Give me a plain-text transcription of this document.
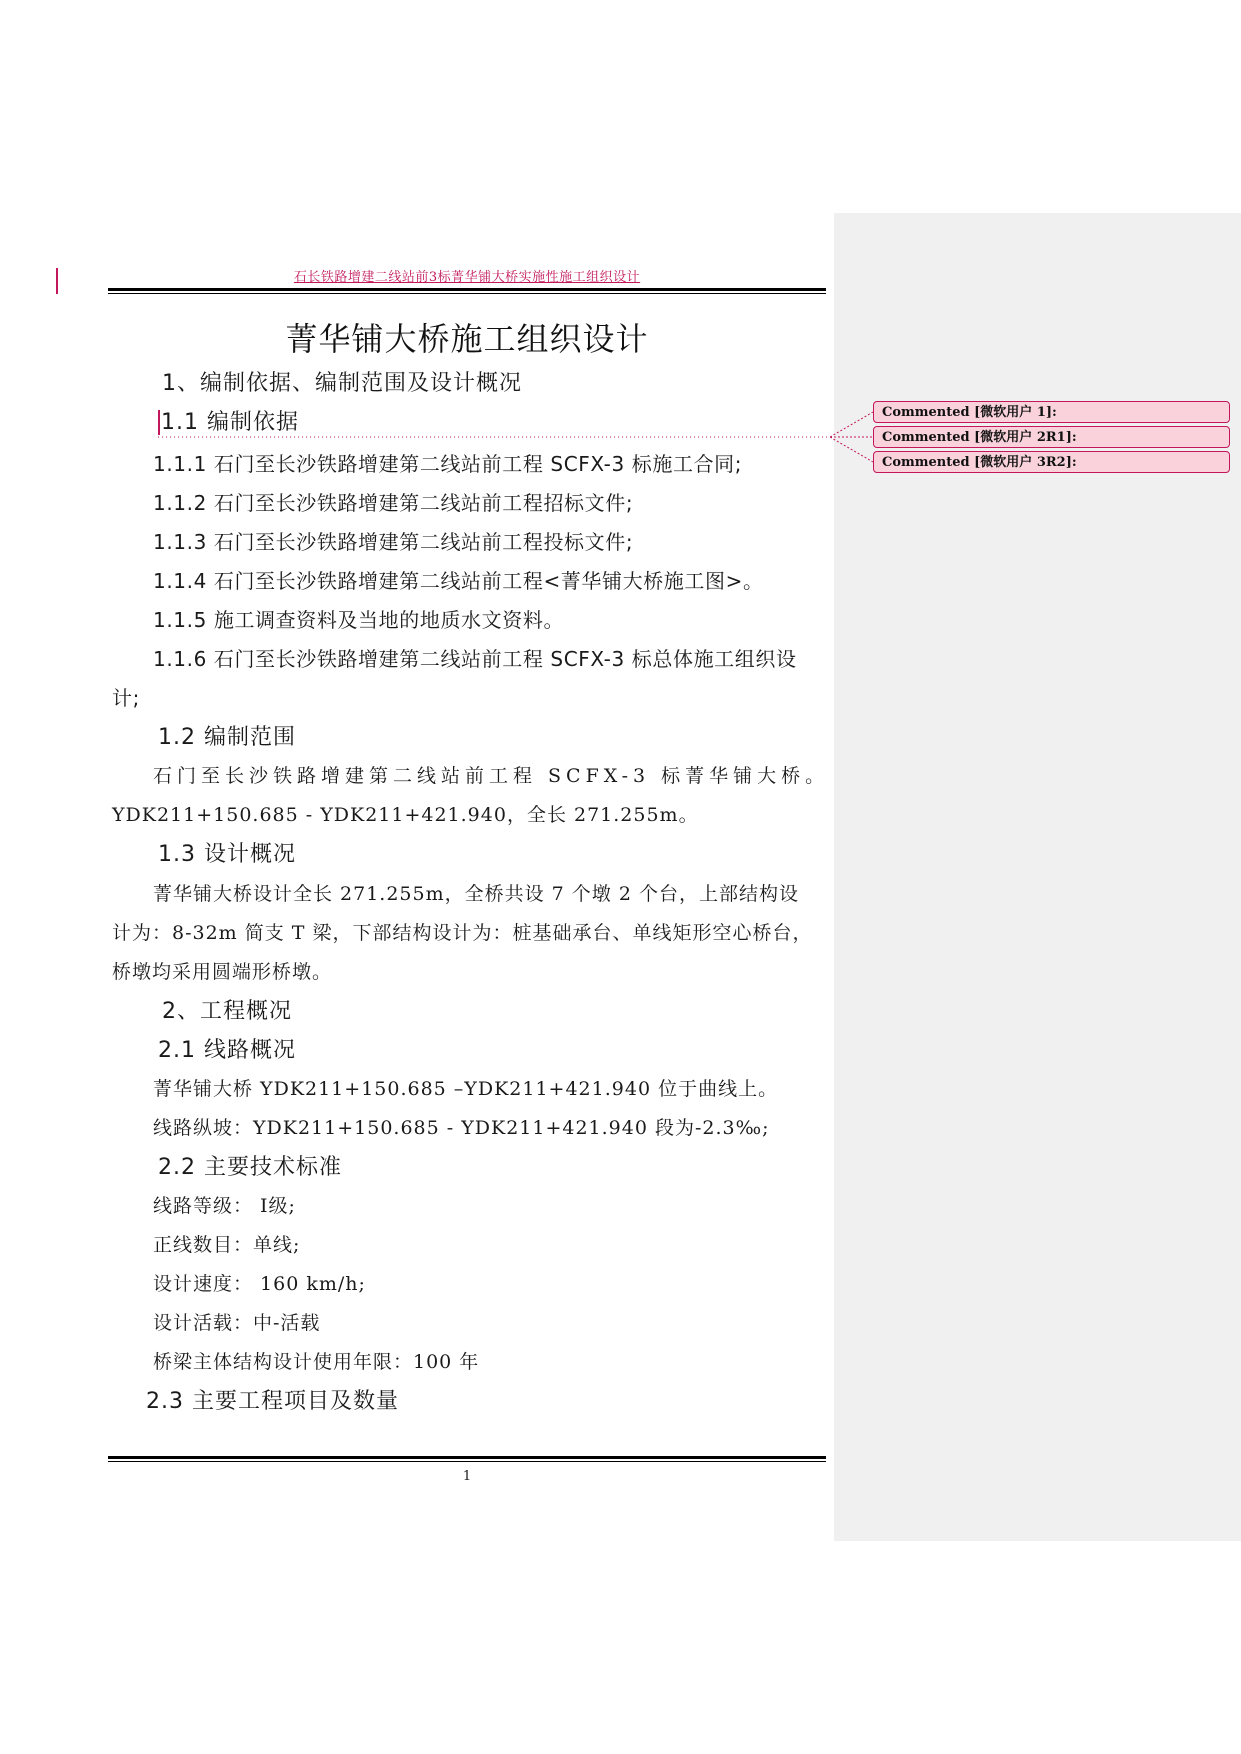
石长铁路增建二线站前3标菁华铺大桥实施性施工组织设计
菁华铺大桥施工组织设计
1、编制依据、编制范围及设计概况
1.1 编制依据
1.1.1 石门至长沙铁路增建第二线站前工程 SCFX-3 标施工合同;
1.1.2 石门至长沙铁路增建第二线站前工程招标文件;
1.1.3 石门至长沙铁路增建第二线站前工程投标文件;
1.1.4 石门至长沙铁路增建第二线站前工程<菁华铺大桥施工图>。
1.1.5 施工调查资料及当地的地质水文资料。
1.1.6 石门至长沙铁路增建第二线站前工程 SCFX-3 标总体施工组织设
计;
1.2 编制范围
石门至长沙铁路增建第二线站前工程 SCFX-3 标菁华铺大桥。
YDK211+150.685 - YDK211+421.940，全长 271.255m。
1.3 设计概况
菁华铺大桥设计全长 271.255m，全桥共设 7 个墩 2 个台，上部结构设
计为：8-32m 简支 T 梁，下部结构设计为：桩基础承台、单线矩形空心桥台，
桥墩均采用圆端形桥墩。
2、工程概况
2.1 线路概况
菁华铺大桥 YDK211+150.685 –YDK211+421.940 位于曲线上。
线路纵坡：YDK211+150.685 - YDK211+421.940 段为-2.3‰;
2.2 主要技术标准
线路等级： Ⅰ级;
正线数目：单线;
设计速度： 160 km/h;
设计活载：中-活载
桥梁主体结构设计使用年限：100 年
2.3 主要工程项目及数量
1
Commented [微软用户 1]:
Commented [微软用户 2R1]:
Commented [微软用户 3R2]:
